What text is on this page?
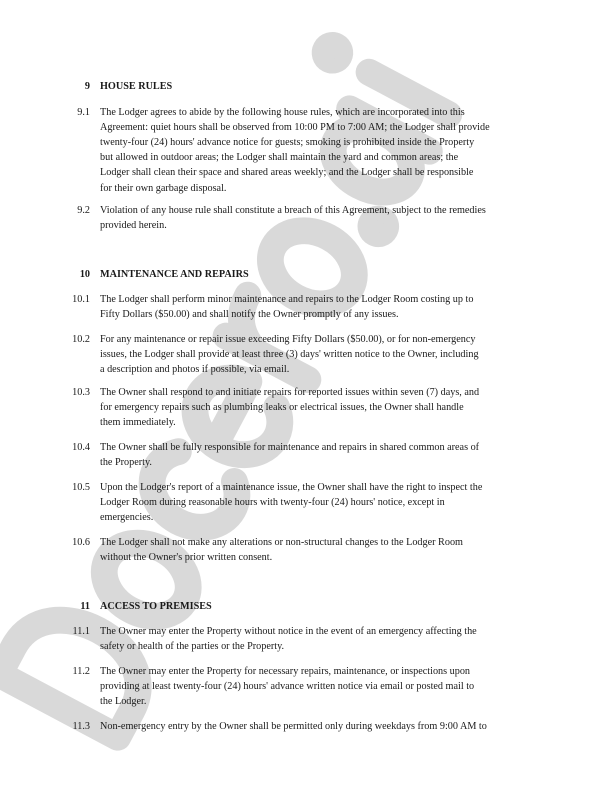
9 HOUSE RULES
9.1 The Lodger agrees to abide by the following house rules, which are incorporated into this
Agreement: quiet hours shall be observed from 10:00 PM to 7:00 AM; the Lodger shall provide
twenty-four (24) hours' advance notice for guests; smoking is prohibited inside the Property
but allowed in outdoor areas; the Lodger shall maintain the yard and common areas; the
Lodger shall clean their space and shared areas weekly; and the Lodger shall be responsible
for their own garbage disposal.
9.2 Violation of any house rule shall constitute a breach of this Agreement, subject to the remedies
provided herein.
10 MAINTENANCE AND REPAIRS
10.1 The Lodger shall perform minor maintenance and repairs to the Lodger Room costing up to
Fifty Dollars ($50.00) and shall notify the Owner promptly of any issues.
10.2 For any maintenance or repair issue exceeding Fifty Dollars ($50.00), or for non-emergency
issues, the Lodger shall provide at least three (3) days' written notice to the Owner, including
a description and photos if possible, via email.
10.3 The Owner shall respond to and initiate repairs for reported issues within seven (7) days, and
for emergency repairs such as plumbing leaks or electrical issues, the Owner shall handle
them immediately.
10.4 The Owner shall be fully responsible for maintenance and repairs in shared common areas of
the Property.
10.5 Upon the Lodger's report of a maintenance issue, the Owner shall have the right to inspect the
Lodger Room during reasonable hours with twenty-four (24) hours' notice, except in
emergencies.
10.6 The Lodger shall not make any alterations or non-structural changes to the Lodger Room
without the Owner's prior written consent.
11 ACCESS TO PREMISES
11.1 The Owner may enter the Property without notice in the event of an emergency affecting the
safety or health of the parties or the Property.
11.2 The Owner may enter the Property for necessary repairs, maintenance, or inspections upon
providing at least twenty-four (24) hours' advance written notice via email or posted mail to
the Lodger.
11.3 Non-emergency entry by the Owner shall be permitted only during weekdays from 9:00 AM to
